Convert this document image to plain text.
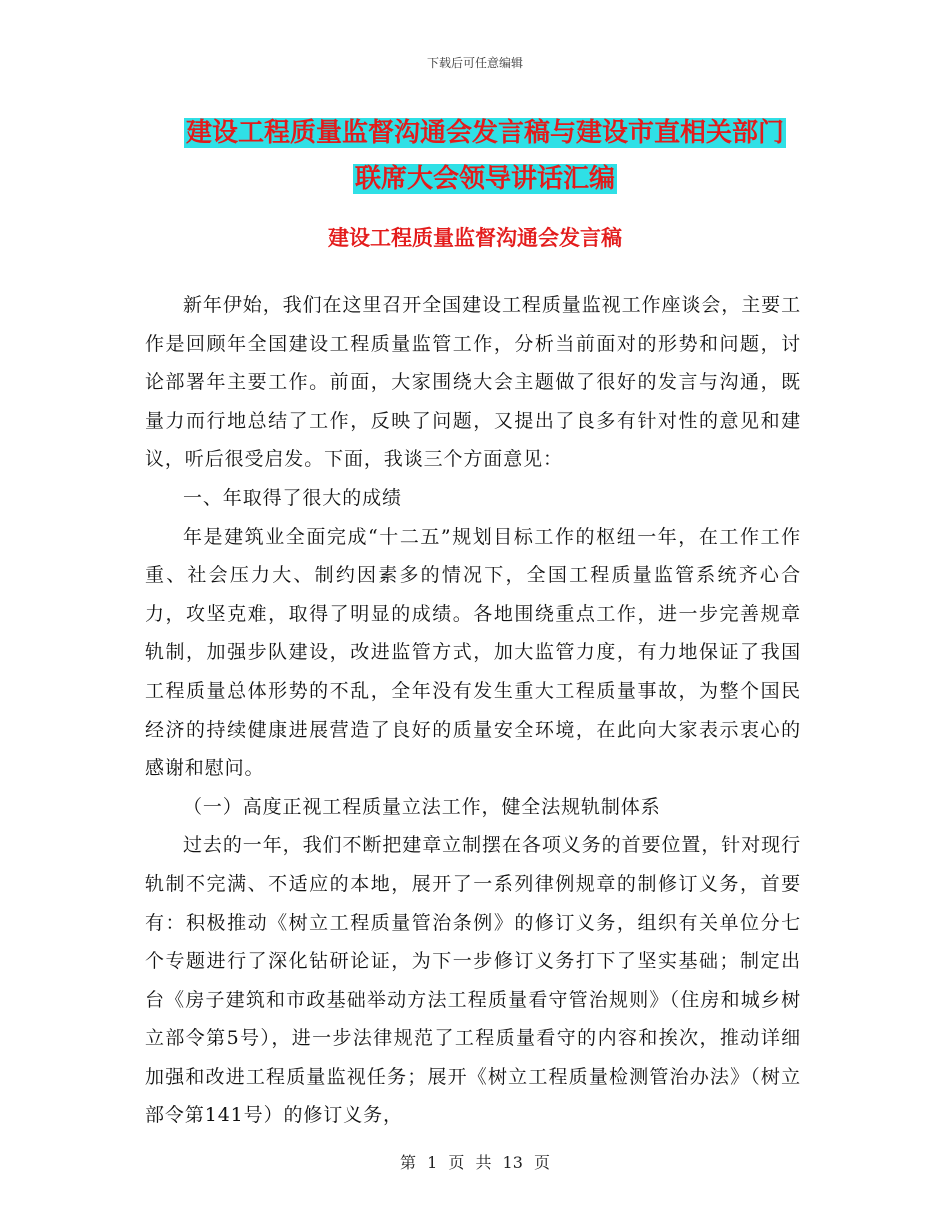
下载后可任意编辑
建设工程质量监督沟通会发言稿与建设市直相关部门
联席大会领导讲话汇编
建设工程质量监督沟通会发言稿

新年伊始，我们在这里召开全国建设工程质量监视工作座谈会，主要工作是回顾年全国建设工程质量监管工作，分析当前面对的形势和问题，讨论部署年主要工作。前面，大家围绕大会主题做了很好的发言与沟通，既量力而行地总结了工作，反映了问题，又提出了良多有针对性的意见和建议，听后很受启发。下面，我谈三个方面意见：

一、年取得了很大的成绩

年是建筑业全面完成“十二五”规划目标工作的枢纽一年，在工作工作重、社会压力大、制约因素多的情况下，全国工程质量监管系统齐心合力，攻坚克难，取得了明显的成绩。各地围绕重点工作，进一步完善规章轨制，加强步队建设，改进监管方式，加大监管力度，有力地保证了我国工程质量总体形势的不乱，全年没有发生重大工程质量事故，为整个国民经济的持续健康进展营造了良好的质量安全环境，在此向大家表示衷心的感谢和慰问。

（一）高度正视工程质量立法工作，健全法规轨制体系

过去的一年，我们不断把建章立制摆在各项义务的首要位置，针对现行轨制不完满、不适应的本地，展开了一系列律例规章的制修订义务，首要有：积极推动《树立工程质量管治条例》的修订义务，组织有关单位分七个专题进行了深化钻研论证，为下一步修订义务打下了坚实基础；制定出台《房子建筑和市政基础举动方法工程质量看守管治规则》（住房和城乡树立部令第5号），进一步法律规范了工程质量看守的内容和挨次，推动详细加强和改进工程质量监视任务；展开《树立工程质量检测管治办法》（树立部令第141号）的修订义务，

第 1 页 共 13 页
